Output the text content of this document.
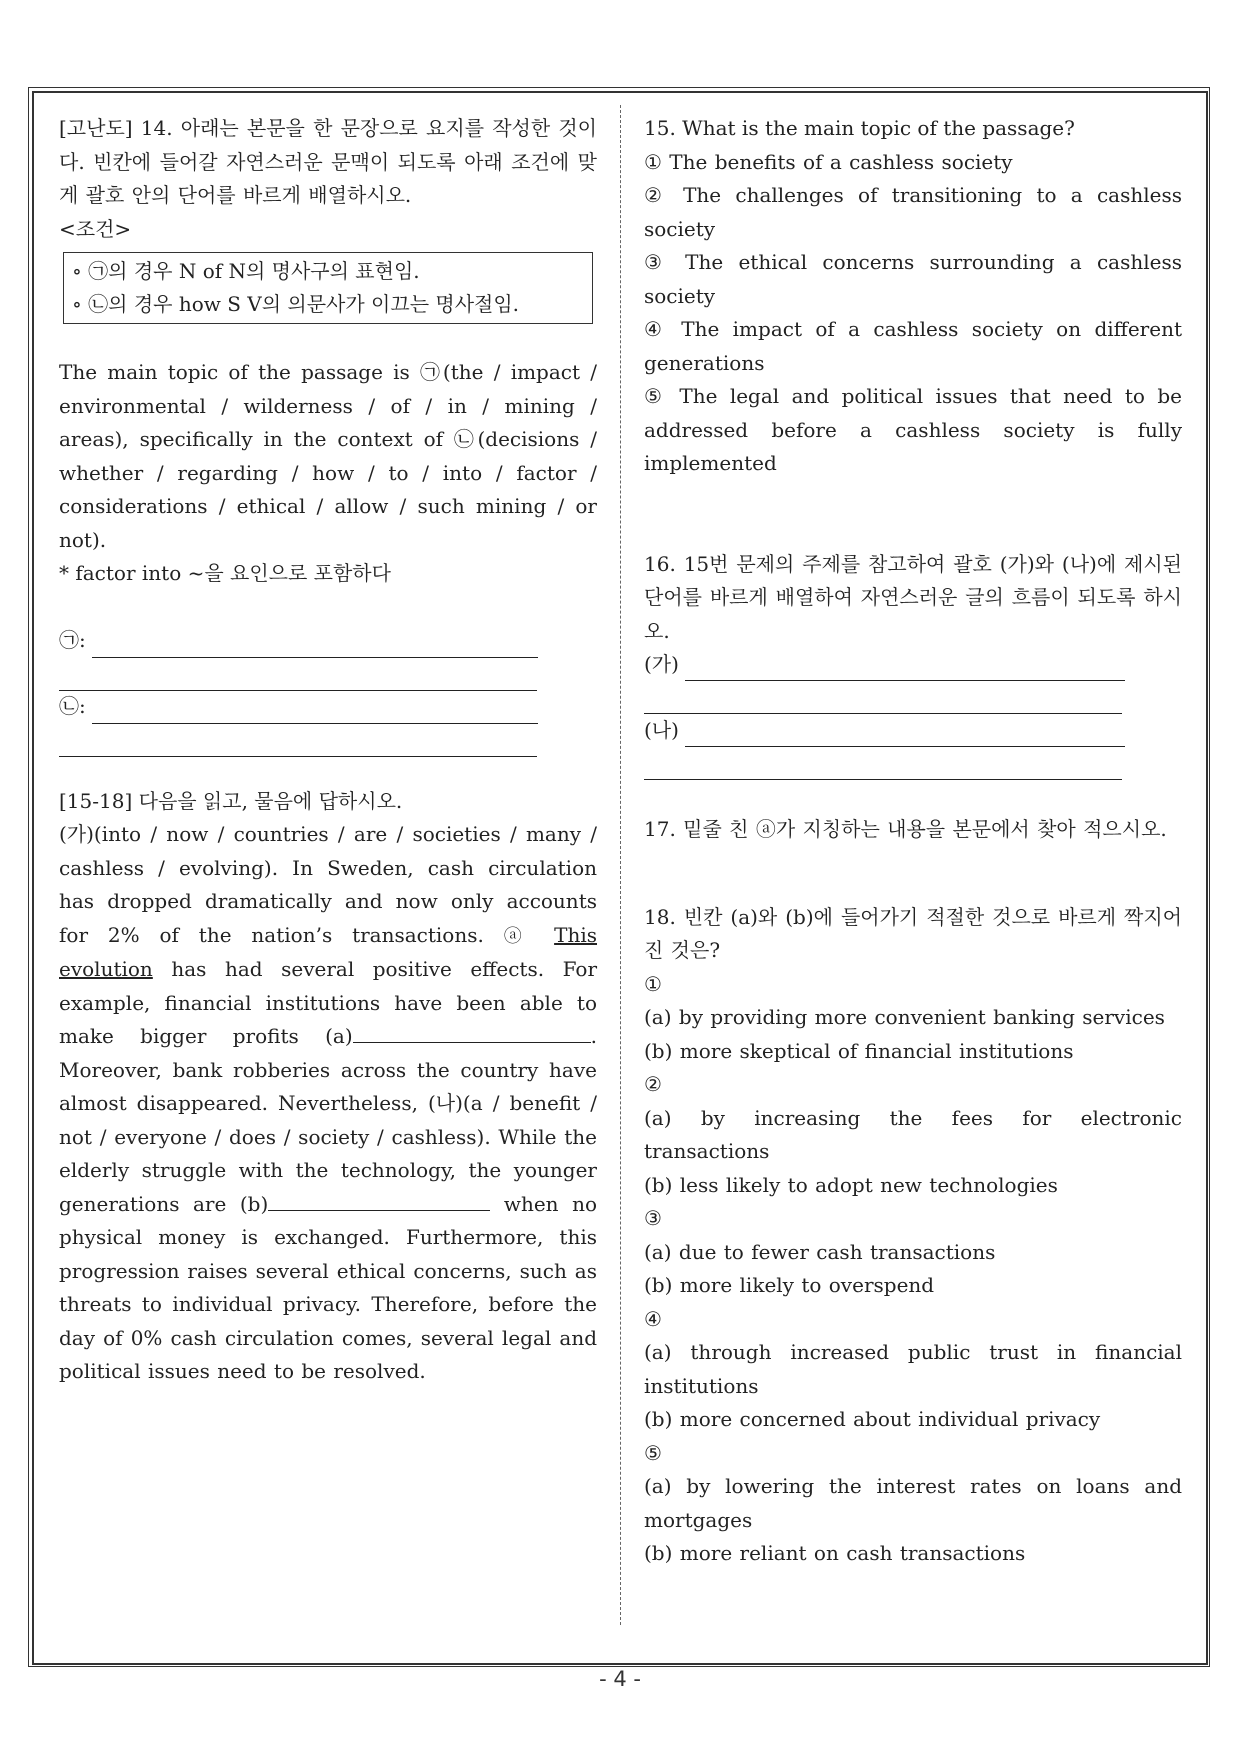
[고난도] 14. 아래는 본문을 한 문장으로 요지를 작성한 것이다. 빈칸에 들어갈 자연스러운 문맥이 되도록 아래 조건에 맞게 괄호 안의 단어를 바르게 배열하시오.

<조건>

∘ ㉠의 경우 N of N의 명사구의 표현임.
∘ ㉡의 경우 how S V의 의문사가 이끄는 명사절임.

The main topic of the passage is ㉠(the / impact / environmental / wilderness / of / in / mining / areas), specifically in the context of ㉡(decisions / whether / regarding / how / to / into / factor / considerations / ethical / allow / such mining / or not).

* factor into ~을 요인으로 포함하다

㉠:
㉡:

[15-18] 다음을 읽고, 물음에 답하시오.

(가)(into / now / countries / are / societies / many / cashless / evolving). In Sweden, cash circulation has dropped dramatically and now only accounts for 2% of the nation’s transactions. ⓐ This evolution has had several positive effects. For example, financial institutions have been able to make bigger profits (a)	. Moreover, bank robberies across the country have almost disappeared. Nevertheless, (나)(a / benefit / not / everyone / does / society / cashless). While the elderly struggle with the technology, the younger generations are (b)	when no physical money is exchanged. Furthermore, this progression raises several ethical concerns, such as threats to individual privacy. Therefore, before the day of 0% cash circulation comes, several legal and political issues need to be resolved.

15. What is the main topic of the passage?

① The benefits of a cashless society

② The challenges of transitioning to a cashless society

③ The ethical concerns surrounding a cashless society

④ The impact of a cashless society on different generations

⑤ The legal and political issues that need to be addressed before a cashless society is fully implemented

16. 15번 문제의 주제를 참고하여 괄호 (가)와 (나)에 제시된 단어를 바르게 배열하여 자연스러운 글의 흐름이 되도록 하시오.

(가)
(나)

17. 밑줄 친 ⓐ가 지칭하는 내용을 본문에서 찾아 적으시오.

18. 빈칸 (a)와 (b)에 들어가기 적절한 것으로 바르게 짝지어진 것은?

①

(a) by providing more convenient banking services

(b) more skeptical of financial institutions

②

(a) by increasing the fees for electronic transactions

(b) less likely to adopt new technologies

③

(a) due to fewer cash transactions

(b) more likely to overspend

④

(a) through increased public trust in financial institutions

(b) more concerned about individual privacy

⑤

(a) by lowering the interest rates on loans and mortgages

(b) more reliant on cash transactions

- 4 -
